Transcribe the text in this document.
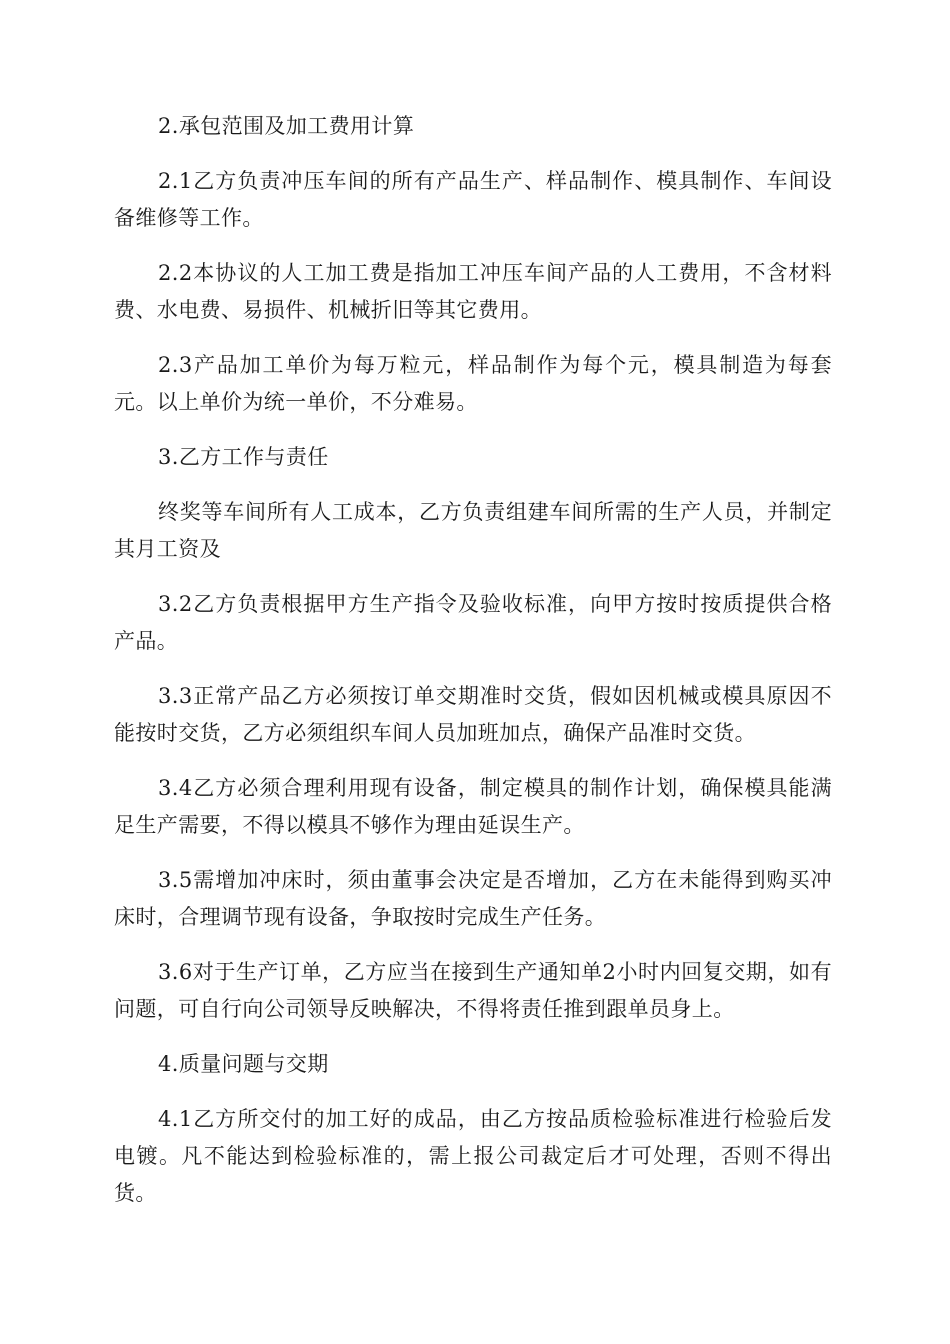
2.承包范围及加工费用计算

2.1乙方负责冲压车间的所有产品生产、样品制作、模具制作、车间设备维修等工作。

2.2本协议的人工加工费是指加工冲压车间产品的人工费用，不含材料费、水电费、易损件、机械折旧等其它费用。

2.3产品加工单价为每万粒元，样品制作为每个元，模具制造为每套元。以上单价为统一单价，不分难易。

3.乙方工作与责任

终奖等车间所有人工成本，乙方负责组建车间所需的生产人员，并制定其月工资及

3.2乙方负责根据甲方生产指令及验收标准，向甲方按时按质提供合格产品。

3.3正常产品乙方必须按订单交期准时交货，假如因机械或模具原因不能按时交货，乙方必须组织车间人员加班加点，确保产品准时交货。

3.4乙方必须合理利用现有设备，制定模具的制作计划，确保模具能满足生产需要，不得以模具不够作为理由延误生产。

3.5需增加冲床时，须由董事会决定是否增加，乙方在未能得到购买冲床时，合理调节现有设备，争取按时完成生产任务。

3.6对于生产订单，乙方应当在接到生产通知单2小时内回复交期，如有问题，可自行向公司领导反映解决，不得将责任推到跟单员身上。

4.质量问题与交期

4.1乙方所交付的加工好的成品，由乙方按品质检验标准进行检验后发电镀。凡不能达到检验标准的，需上报公司裁定后才可处理，否则不得出货。
